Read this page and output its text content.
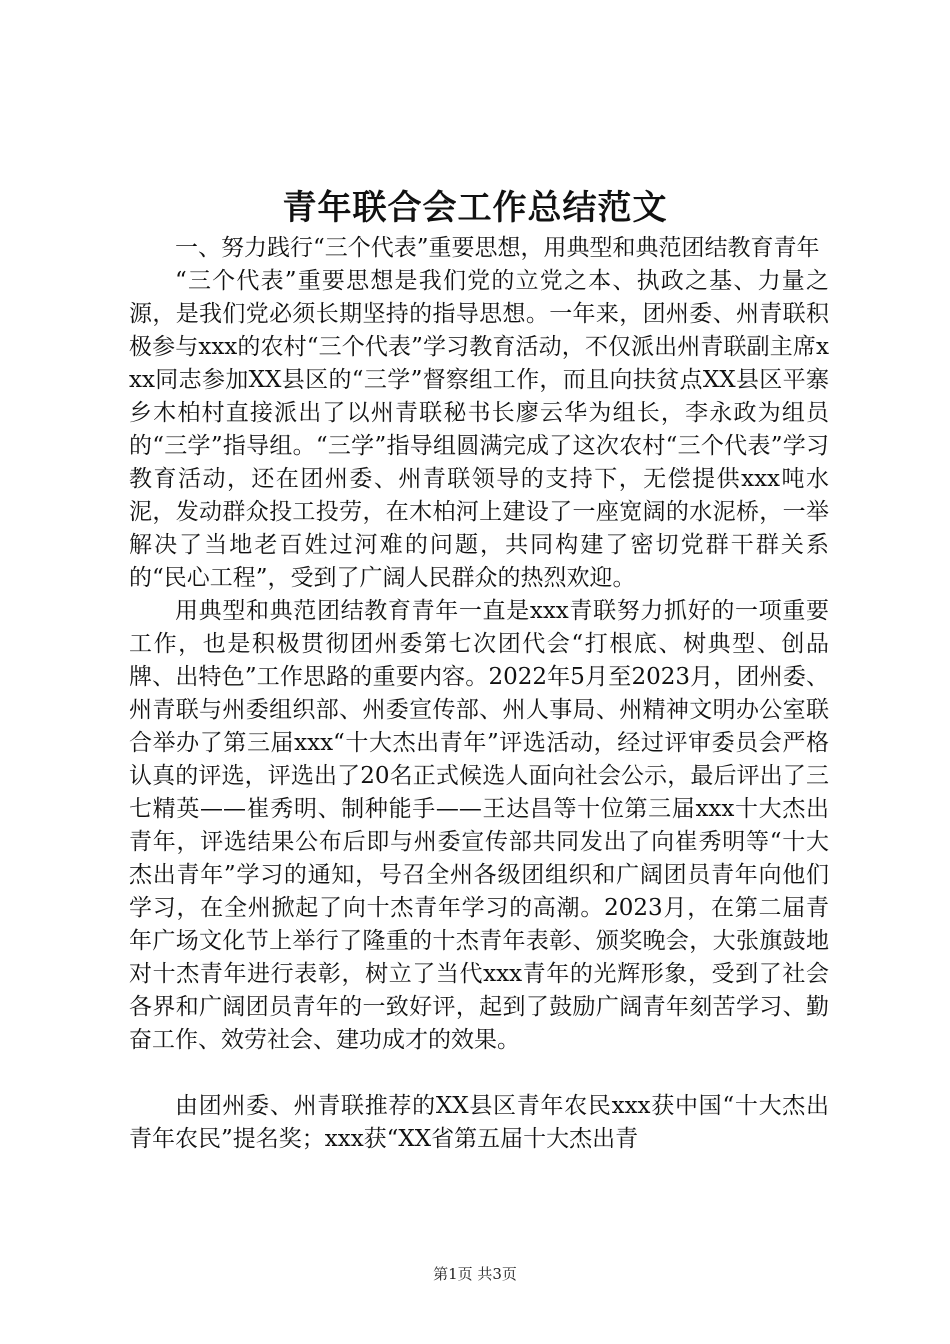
青年联合会工作总结范文

一、努力践行“三个代表”重要思想，用典型和典范团结教育青年

“三个代表”重要思想是我们党的立党之本、执政之基、力量之源，是我们党必须长期坚持的指导思想。一年来，团州委、州青联积极参与xxx的农村“三个代表”学习教育活动，不仅派出州青联副主席xxx同志参加XX县区的“三学”督察组工作，而且向扶贫点XX县区平寨乡木柏村直接派出了以州青联秘书长廖云华为组长，李永政为组员的“三学”指导组。“三学”指导组圆满完成了这次农村“三个代表”学习教育活动，还在团州委、州青联领导的支持下，无偿提供xxx吨水泥，发动群众投工投劳，在木柏河上建设了一座宽阔的水泥桥，一举解决了当地老百姓过河难的问题，共同构建了密切党群干群关系的“民心工程”，受到了广阔人民群众的热烈欢迎。

用典型和典范团结教育青年一直是xxx青联努力抓好的一项重要工作，也是积极贯彻团州委第七次团代会“打根底、树典型、创品牌、出特色”工作思路的重要内容。2022年5月至2023月，团州委、州青联与州委组织部、州委宣传部、州人事局、州精神文明办公室联合举办了第三届xxx“十大杰出青年”评选活动，经过评审委员会严格认真的评选，评选出了20名正式候选人面向社会公示，最后评出了三七精英——崔秀明、制种能手——王达昌等十位第三届xxx十大杰出青年，评选结果公布后即与州委宣传部共同发出了向崔秀明等“十大杰出青年”学习的通知，号召全州各级团组织和广阔团员青年向他们学习，在全州掀起了向十杰青年学习的高潮。2023月，在第二届青年广场文化节上举行了隆重的十杰青年表彰、颁奖晚会，大张旗鼓地对十杰青年进行表彰，树立了当代xxx青年的光辉形象，受到了社会各界和广阔团员青年的一致好评，起到了鼓励广阔青年刻苦学习、勤奋工作、效劳社会、建功成才的效果。

由团州委、州青联推荐的XX县区青年农民xxx获中国“十大杰出青年农民”提名奖；xxx获“XX省第五届十大杰出青

第1页 共3页
